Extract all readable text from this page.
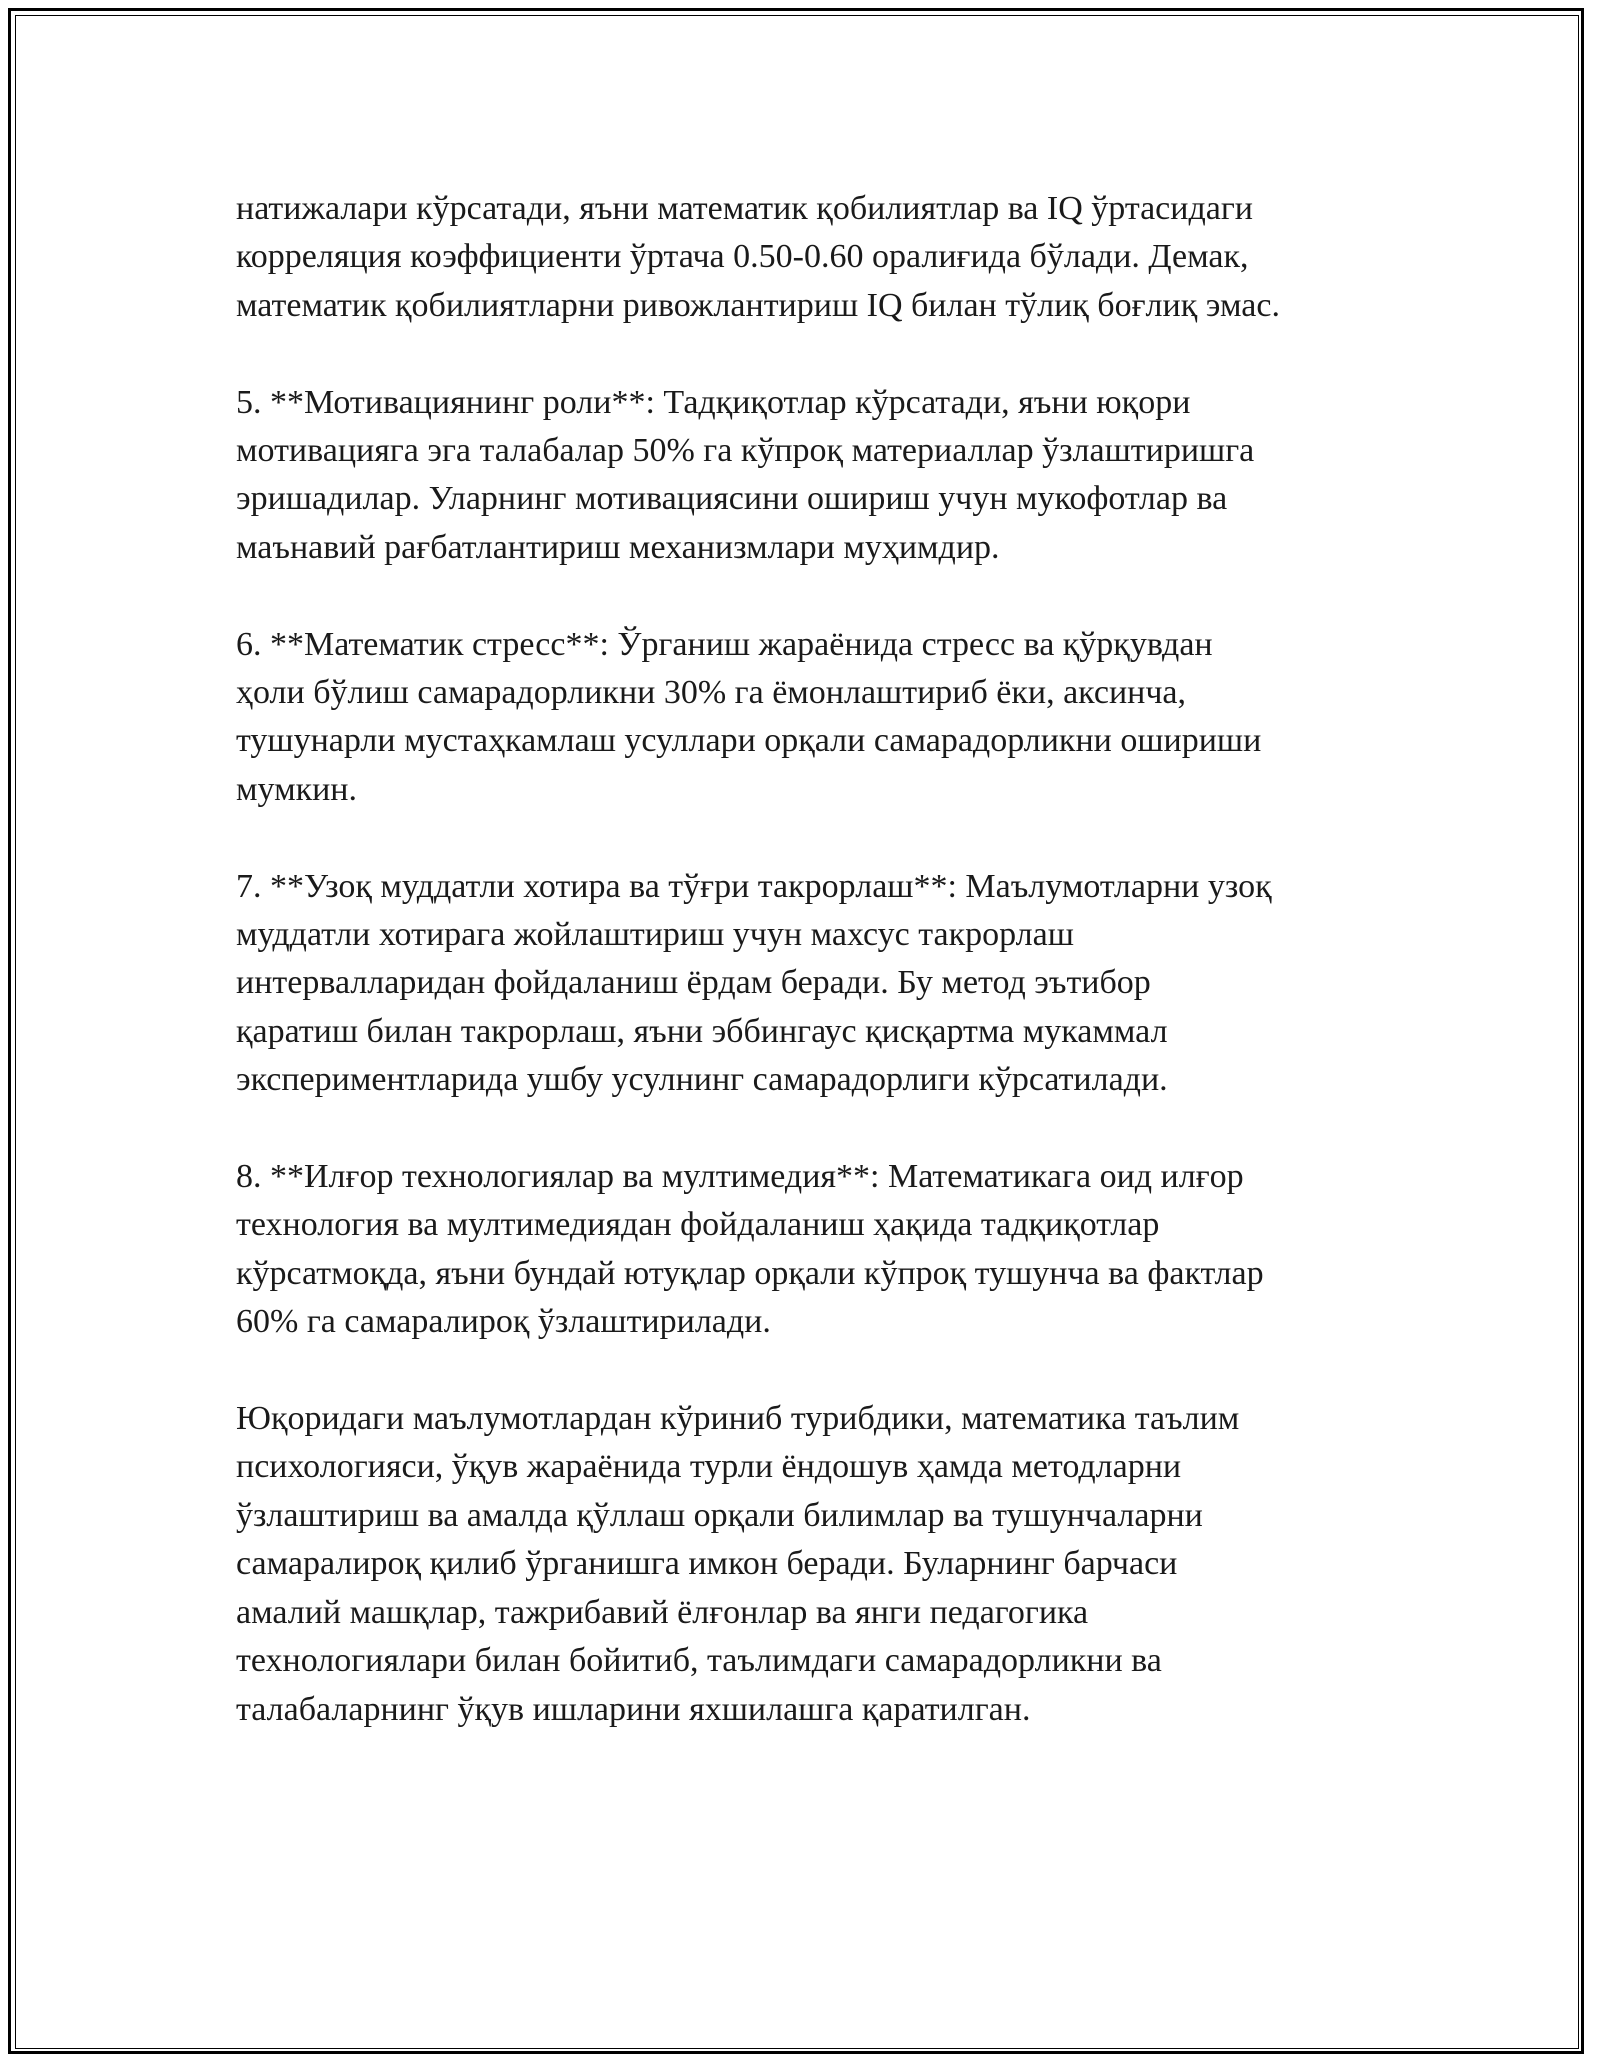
натижалари кўрсатади, яъни математик қобилиятлар ва IQ ўртасидаги
корреляция коэффициенти ўртача 0.50-0.60 оралиғида бўлади. Демак,
математик қобилиятларни ривожлантириш IQ билан тўлиқ боғлиқ эмас.

5. **Мотивациянинг роли**: Тадқиқотлар кўрсатади, яъни юқори
мотивацияга эга талабалар 50% га кўпроқ материаллар ўзлаштиришга
эришадилар. Уларнинг мотивациясини ошириш учун мукофотлар ва
маънавий рағбатлантириш механизмлари муҳимдир.

6. **Математик стресс**: Ўрганиш жараёнида стресс ва қўрқувдан
ҳоли бўлиш самарадорликни 30% га ёмонлаштириб ёки, аксинча,
тушунарли мустаҳкамлаш усуллари орқали самарадорликни ошириши
мумкин.

7. **Узоқ муддатли хотира ва тўғри такрорлаш**: Маълумотларни узоқ
муддатли хотирага жойлаштириш учун махсус такрорлаш
интервалларидан фойдаланиш ёрдам беради. Бу метод эътибор
қаратиш билан такрорлаш, яъни эббингаус қисқартма мукаммал
экспериментларида ушбу усулнинг самарадорлиги кўрсатилади.

8. **Илғор технологиялар ва мултимедия**: Математикага оид илғор
технология ва мултимедиядан фойдаланиш ҳақида тадқиқотлар
кўрсатмоқда, яъни бундай ютуқлар орқали кўпроқ тушунча ва фактлар
60% га самаралироқ ўзлаштирилади.

Юқоридаги маълумотлардан кўриниб турибдики, математика таълим
психологияси, ўқув жараёнида турли ёндошув ҳамда методларни
ўзлаштириш ва амалда қўллаш орқали билимлар ва тушунчаларни
самаралироқ қилиб ўрганишга имкон беради. Буларнинг барчаси
амалий машқлар, тажрибавий ёлғонлар ва янги педагогика
технологиялари билан бойитиб, таълимдаги самарадорликни ва
талабаларнинг ўқув ишларини яхшилашга қаратилган.
